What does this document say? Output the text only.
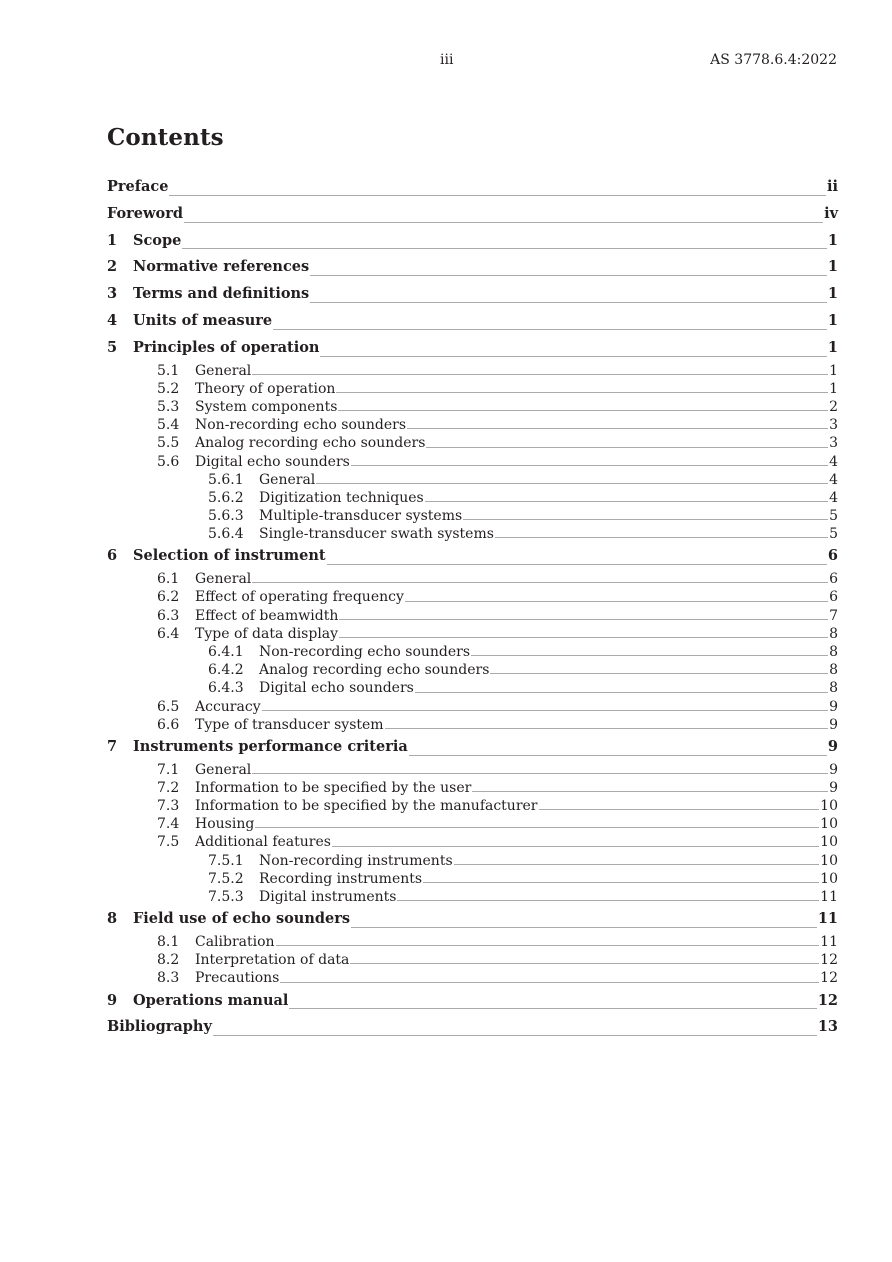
iii	AS 3778.6.4:2022
Contents
Preface	ii
Foreword	iv
1	Scope	1
2	Normative references	1
3	Terms and definitions	1
4	Units of measure	1
5	Principles of operation	1
5.1	General	1
5.2	Theory of operation	1
5.3	System components	2
5.4	Non-recording echo sounders	3
5.5	Analog recording echo sounders	3
5.6	Digital echo sounders	4
5.6.1	General	4
5.6.2	Digitization techniques	4
5.6.3	Multiple-transducer systems	5
5.6.4	Single-transducer swath systems	5
6	Selection of instrument	6
6.1	General	6
6.2	Effect of operating frequency	6
6.3	Effect of beamwidth	7
6.4	Type of data display	8
6.4.1	Non-recording echo sounders	8
6.4.2	Analog recording echo sounders	8
6.4.3	Digital echo sounders	8
6.5	Accuracy	9
6.6	Type of transducer system	9
7	Instruments performance criteria	9
7.1	General	9
7.2	Information to be specified by the user	9
7.3	Information to be specified by the manufacturer	10
7.4	Housing	10
7.5	Additional features	10
7.5.1	Non-recording instruments	10
7.5.2	Recording instruments	10
7.5.3	Digital instruments	11
8	Field use of echo sounders	11
8.1	Calibration	11
8.2	Interpretation of data	12
8.3	Precautions	12
9	Operations manual	12
Bibliography	13
